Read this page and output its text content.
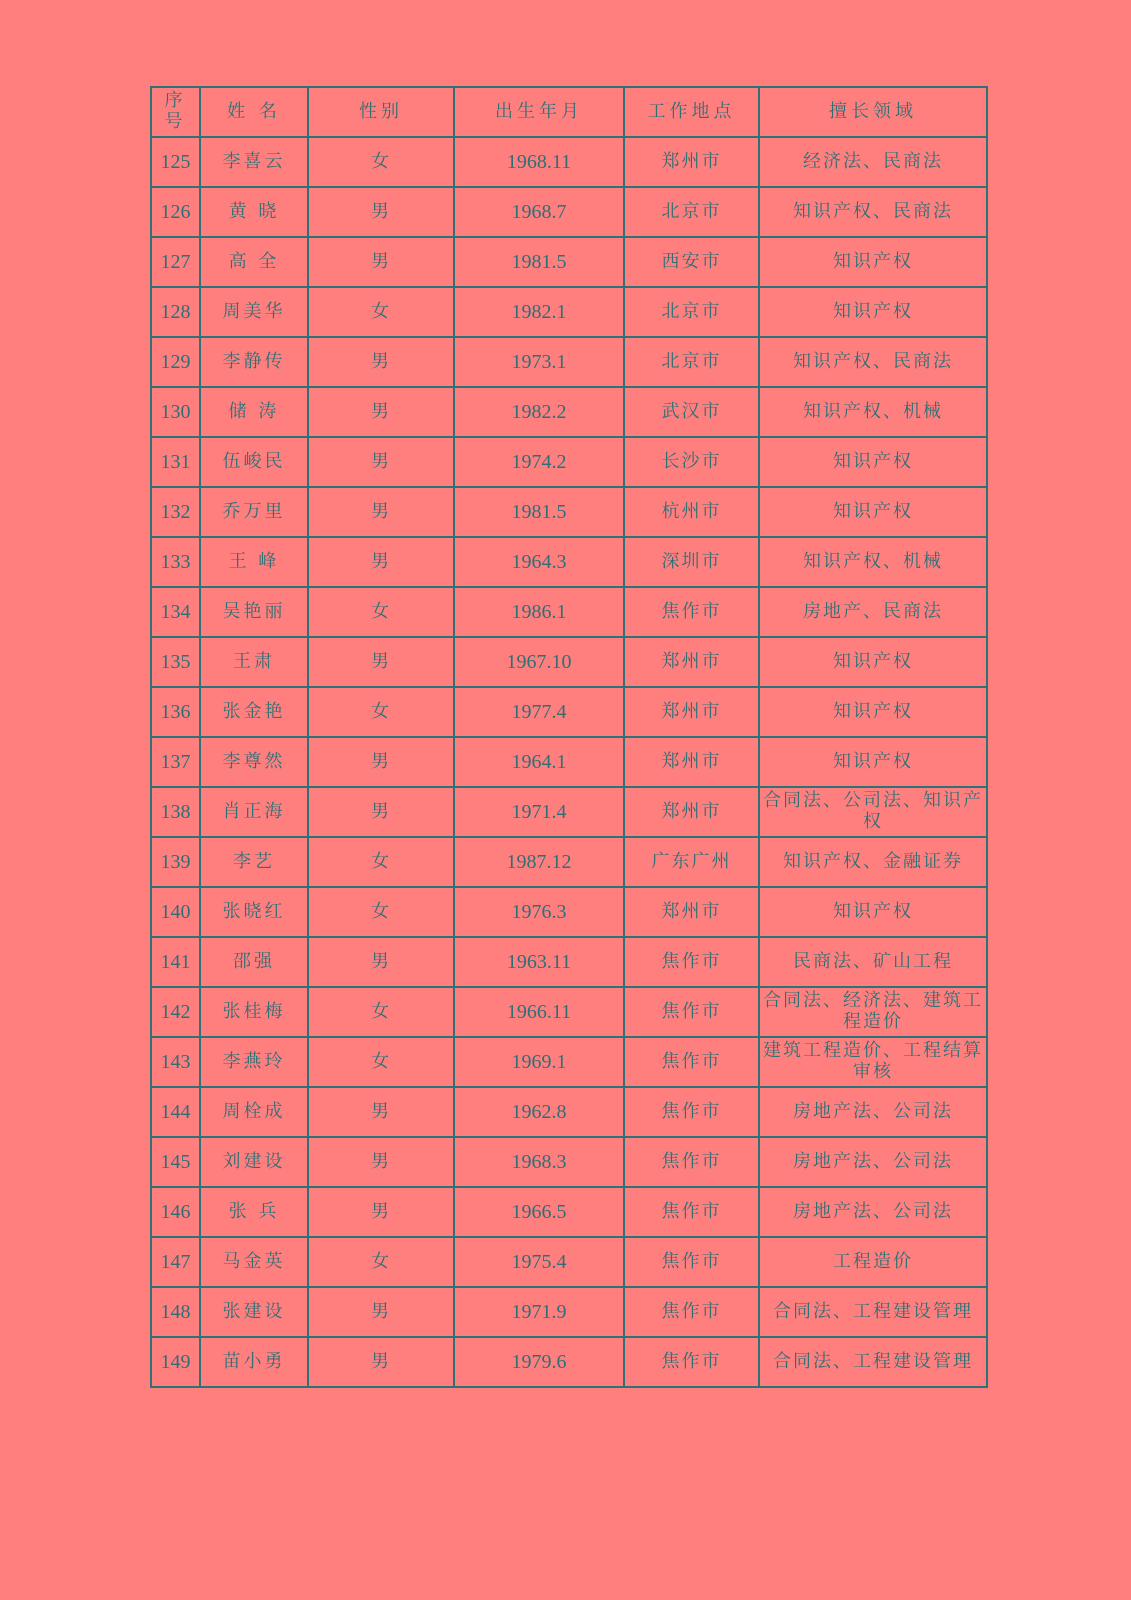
序号	姓 名	性别	出生年月	工作地点	擅长领域
125	李喜云	女	1968.11	郑州市	经济法、民商法
126	黄 晓	男	1968.7	北京市	知识产权、民商法
127	高 全	男	1981.5	西安市	知识产权
128	周美华	女	1982.1	北京市	知识产权
129	李静传	男	1973.1	北京市	知识产权、民商法
130	储 涛	男	1982.2	武汉市	知识产权、机械
131	伍峻民	男	1974.2	长沙市	知识产权
132	乔万里	男	1981.5	杭州市	知识产权
133	王 峰	男	1964.3	深圳市	知识产权、机械
134	吴艳丽	女	1986.1	焦作市	房地产、民商法
135	王肃	男	1967.10	郑州市	知识产权
136	张金艳	女	1977.4	郑州市	知识产权
137	李尊然	男	1964.1	郑州市	知识产权
138	肖正海	男	1971.4	郑州市	合同法、公司法、知识产权
139	李艺	女	1987.12	广东广州	知识产权、金融证券
140	张晓红	女	1976.3	郑州市	知识产权
141	邵强	男	1963.11	焦作市	民商法、矿山工程
142	张桂梅	女	1966.11	焦作市	合同法、经济法、建筑工程造价
143	李燕玲	女	1969.1	焦作市	建筑工程造价、工程结算审核
144	周栓成	男	1962.8	焦作市	房地产法、公司法
145	刘建设	男	1968.3	焦作市	房地产法、公司法
146	张 兵	男	1966.5	焦作市	房地产法、公司法
147	马金英	女	1975.4	焦作市	工程造价
148	张建设	男	1971.9	焦作市	合同法、工程建设管理
149	苗小勇	男	1979.6	焦作市	合同法、工程建设管理
